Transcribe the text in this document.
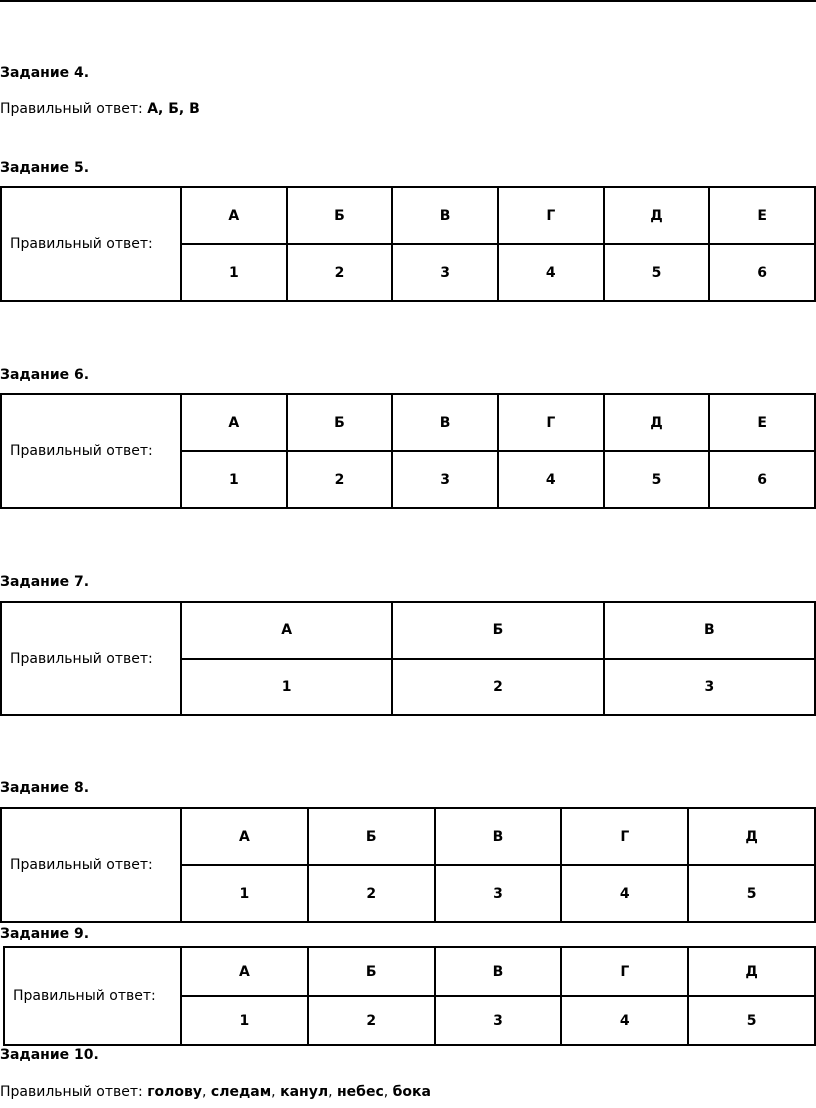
Задание 4.
Правильный ответ: А, Б, В
Задание 5.
Правильный ответ:	А	Б	В	Г	Д	Е
	1	2	3	4	5	6
Задание 6.
Правильный ответ:	А	Б	В	Г	Д	Е
	1	2	3	4	5	6
Задание 7.
Правильный ответ:	А	Б	В
	1	2	3
Задание 8.
Правильный ответ:	А	Б	В	Г	Д
	1	2	3	4	5
Задание 9.
Правильный ответ:	А	Б	В	Г	Д
	1	2	3	4	5
Задание 10.
Правильный ответ: голову, следам, канул, небес, бока
